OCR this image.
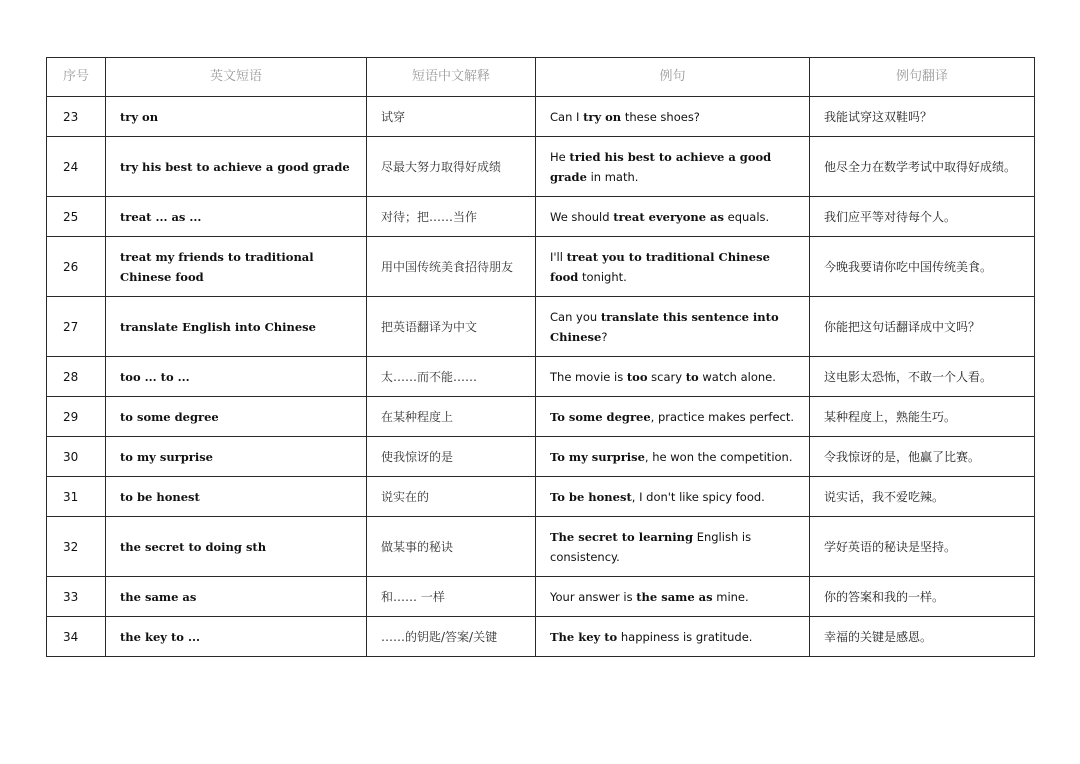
序号	英文短语	短语中文解释	例句	例句翻译
23	try on	试穿	Can I try on these shoes?	我能试穿这双鞋吗？
24	try his best to achieve a good grade	尽最大努力取得好成绩	He tried his best to achieve a good grade in math.	他尽全力在数学考试中取得好成绩。
25	treat ... as ...	对待；把……当作	We should treat everyone as equals.	我们应平等对待每个人。
26	treat my friends to traditional Chinese food	用中国传统美食招待朋友	I'll treat you to traditional Chinese food tonight.	今晚我要请你吃中国传统美食。
27	translate English into Chinese	把英语翻译为中文	Can you translate this sentence into Chinese?	你能把这句话翻译成中文吗？
28	too ... to ...	太……而不能……	The movie is too scary to watch alone.	这电影太恐怖，不敢一个人看。
29	to some degree	在某种程度上	To some degree, practice makes perfect.	某种程度上，熟能生巧。
30	to my surprise	使我惊讶的是	To my surprise, he won the competition.	令我惊讶的是，他赢了比赛。
31	to be honest	说实在的	To be honest, I don't like spicy food.	说实话，我不爱吃辣。
32	the secret to doing sth	做某事的秘诀	The secret to learning English is consistency.	学好英语的秘诀是坚持。
33	the same as	和…… 一样	Your answer is the same as mine.	你的答案和我的一样。
34	the key to ...	……的钥匙/答案/关键	The key to happiness is gratitude.	幸福的关键是感恩。
